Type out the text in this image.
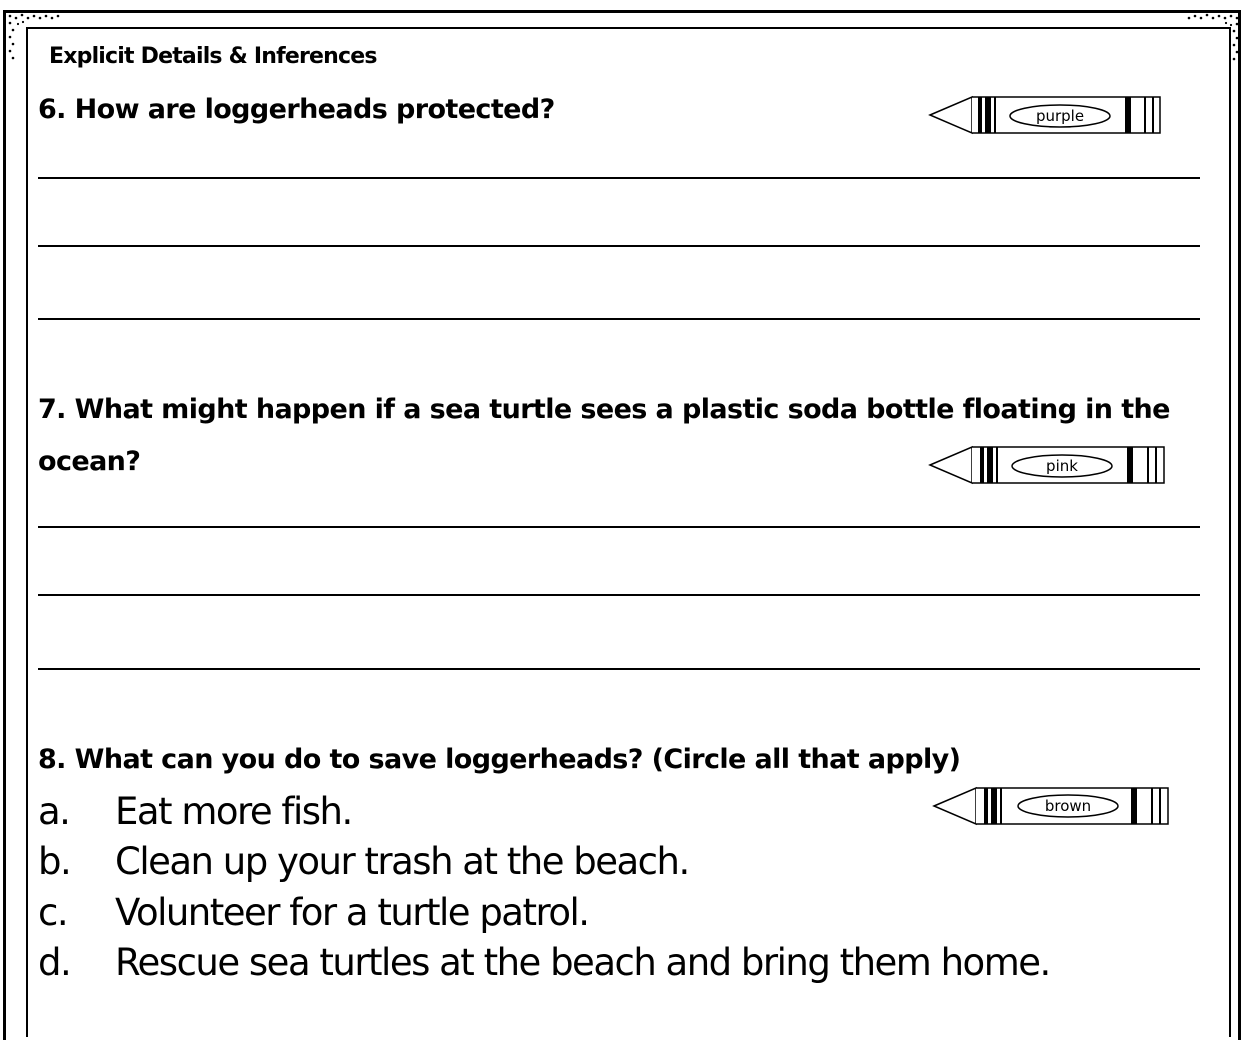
Explicit Details & Inferences
6. How are loggerheads protected?	purple
7. What might happen if a sea turtle sees a plastic soda bottle floating in the
ocean?	pink
8. What can you do to save loggerheads? (Circle all that apply)
brown
a. Eat more fish.
b. Clean up your trash at the beach.
c. Volunteer for a turtle patrol.
d. Rescue sea turtles at the beach and bring them home.
